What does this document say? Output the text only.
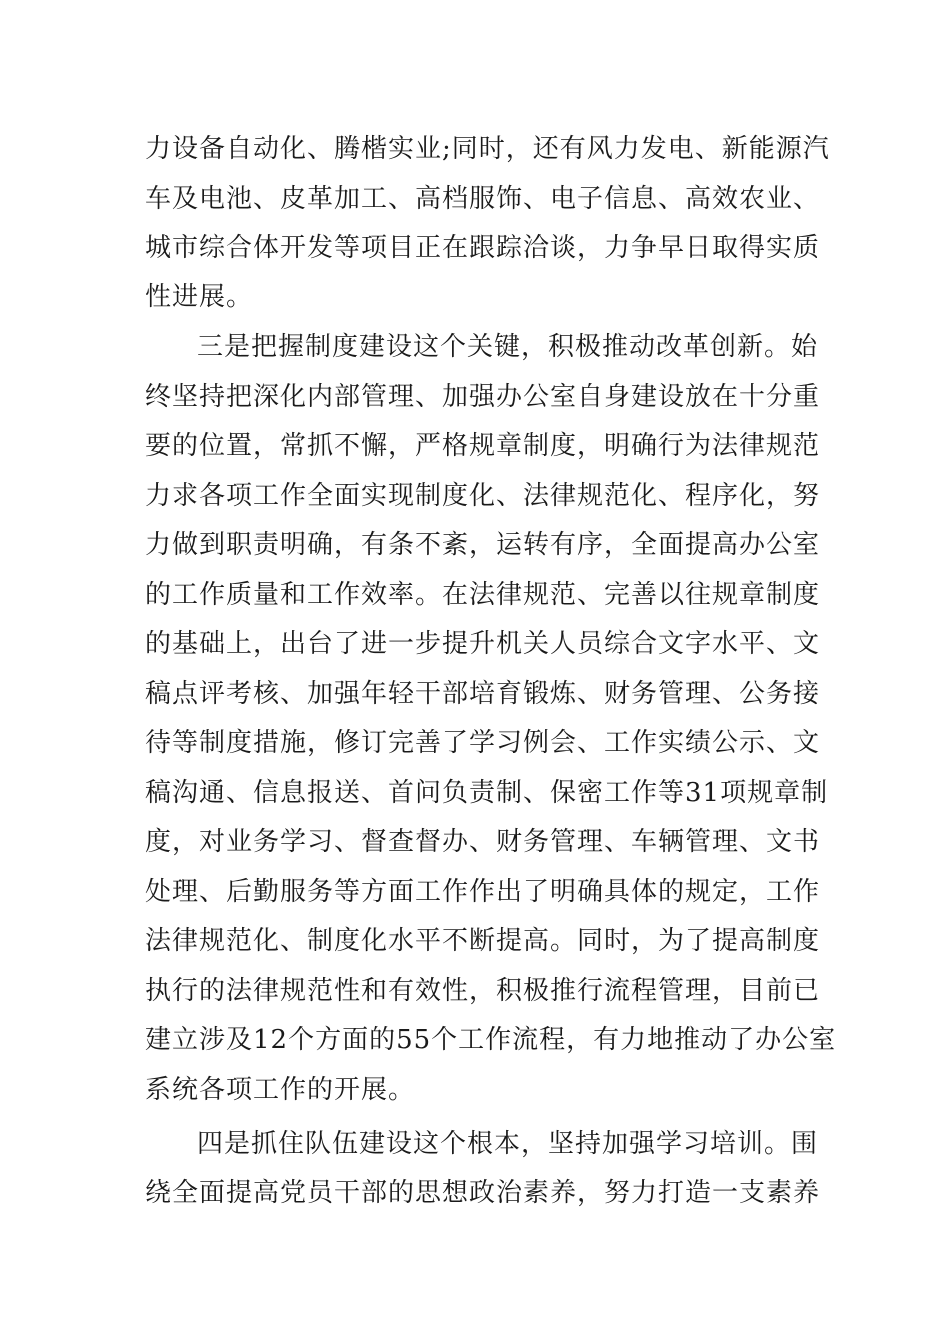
力设备自动化、腾楷实业;同时，还有风力发电、新能源汽
车及电池、皮革加工、高档服饰、电子信息、高效农业、
城市综合体开发等项目正在跟踪洽谈，力争早日取得实质
性进展。
三是把握制度建设这个关键，积极推动改革创新。始
终坚持把深化内部管理、加强办公室自身建设放在十分重
要的位置，常抓不懈，严格规章制度，明确行为法律规范
力求各项工作全面实现制度化、法律规范化、程序化，努
力做到职责明确，有条不紊，运转有序，全面提高办公室
的工作质量和工作效率。在法律规范、完善以往规章制度
的基础上，出台了进一步提升机关人员综合文字水平、文
稿点评考核、加强年轻干部培育锻炼、财务管理、公务接
待等制度措施，修订完善了学习例会、工作实绩公示、文
稿沟通、信息报送、首问负责制、保密工作等31项规章制
度，对业务学习、督查督办、财务管理、车辆管理、文书
处理、后勤服务等方面工作作出了明确具体的规定，工作
法律规范化、制度化水平不断提高。同时，为了提高制度
执行的法律规范性和有效性，积极推行流程管理，目前已
建立涉及12个方面的55个工作流程，有力地推动了办公室
系统各项工作的开展。
四是抓住队伍建设这个根本，坚持加强学习培训。围
绕全面提高党员干部的思想政治素养，努力打造一支素养
